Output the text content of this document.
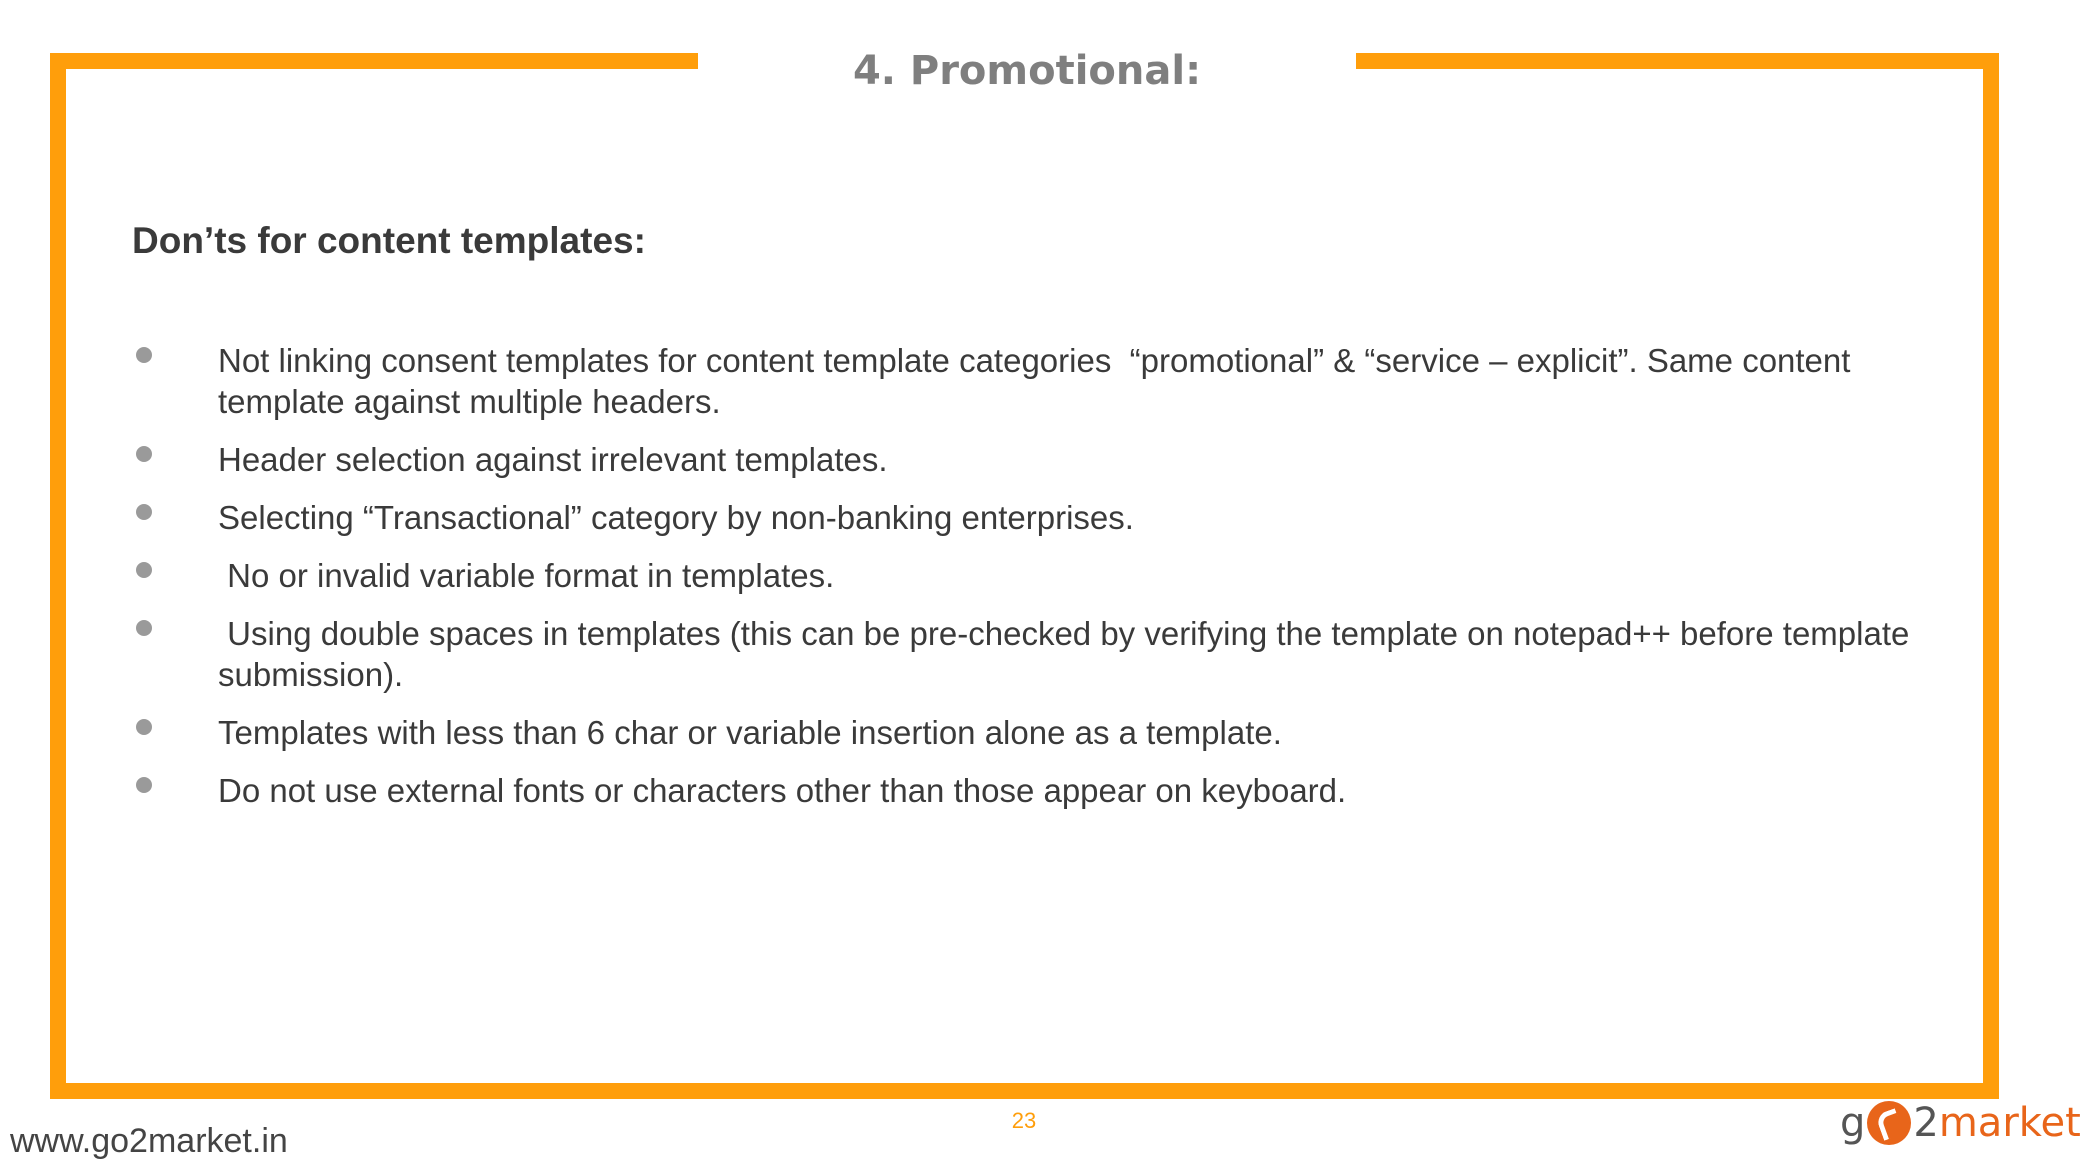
4. Promotional:
Don’ts for content templates:
Not linking consent templates for content template categories  “promotional” & “service – explicit”. Same content template against multiple headers.
Header selection against irrelevant templates.
Selecting “Transactional” category by non-banking enterprises.
No or invalid variable format in templates.
Using double spaces in templates (this can be pre-checked by verifying the template on notepad++ before template submission).
Templates with less than 6 char or variable insertion alone as a template.
Do not use external fonts or characters other than those appear on keyboard.
23
www.go2market.in	g 2 market
